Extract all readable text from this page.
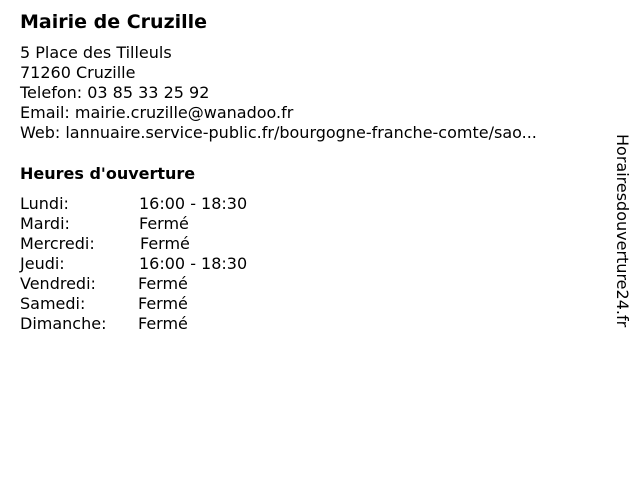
Mairie de Cruzille
5 Place des Tilleuls
71260 Cruzille
Telefon: 03 85 33 25 92
Email: mairie.cruzille@wanadoo.fr
Web: lannuaire.service-public.fr/bourgogne-franche-comte/sao...
Heures d'ouverture
Lundi:	16:00 - 18:30
Mardi:	Fermé
Mercredi:	Fermé
Jeudi:	16:00 - 18:30
Vendredi:	Fermé
Samedi:	Fermé
Dimanche: Fermé	Horairesdouverture24.fr
